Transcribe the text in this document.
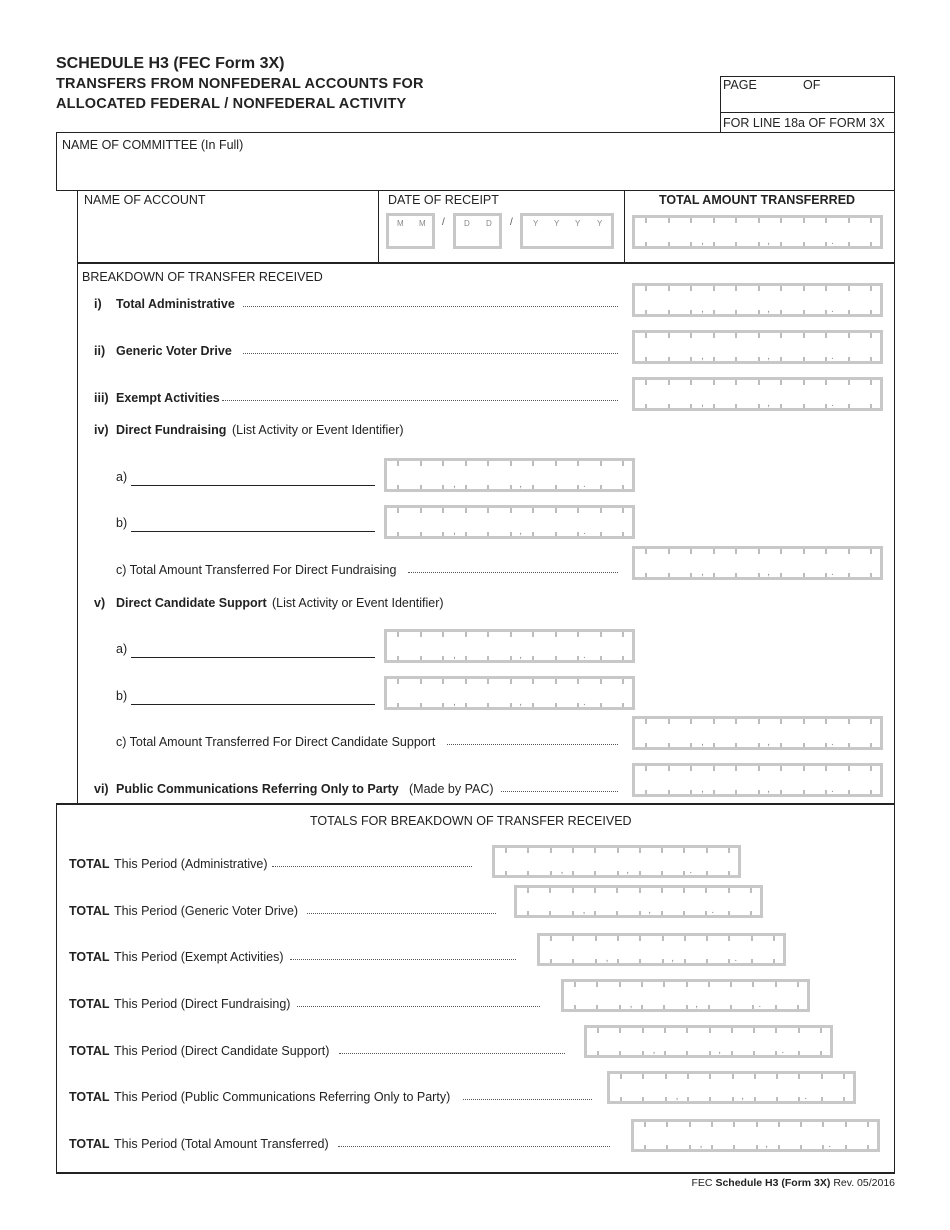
SCHEDULE H3 (FEC Form 3X)
TRANSFERS FROM NONFEDERAL ACCOUNTS FOR
ALLOCATED FEDERAL / NONFEDERAL ACTIVITY
PAGE	OF
FOR LINE 18a OF FORM 3X
NAME OF COMMITTEE (In Full)
NAME OF ACCOUNT	DATE OF RECEIPT	TOTAL AMOUNT TRANSFERRED
M M / D D /	Y Y Y Y
,	,	.
BREAKDOWN OF TRANSFER RECEIVED
i) Total Administrative	,	,	.
ii) Generic Voter Drive	,	,	.
iii) Exempt Activities	,	,	.
iv) Direct Fundraising (List Activity or Event Identifier)
a)
,	,	.
b)
,	,	.
c) Total Amount Transferred For Direct Fundraising	,	,	.
v) Direct Candidate Support (List Activity or Event Identifier)
a)	,	,	.
b)	,	,	.
c) Total Amount Transferred For Direct Candidate Support	,	,	.
vi) Public Communications Referring Only to Party (Made by PAC)	,	,	.
TOTALS FOR BREAKDOWN OF TRANSFER RECEIVED
TOTAL This Period (Administrative)	,	,	.
TOTAL This Period (Generic Voter Drive)	,	,	.
TOTAL This Period (Exempt Activities)	,	,	.
TOTAL This Period (Direct Fundraising)	,	,	.
TOTAL This Period (Direct Candidate Support)	,	,	.
TOTAL This Period (Public Communications Referring Only to Party)	,	,	.
TOTAL This Period (Total Amount Transferred)	,	,	.
FEC Schedule H3 (Form 3X) Rev. 05/2016
